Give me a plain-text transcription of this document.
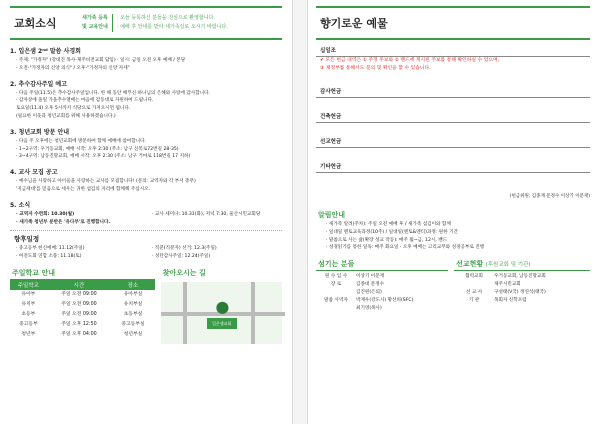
교회소식	새가족 등록
및 교육안내
· 오늘 등록하신 분들을 진심으로 환영합니다.
· 예배 후 안내를 받아 새가족실로 오시기 바랍니다.
1. 입은샘 2ⁿᵈ 말씀 사경회
· 주제: "가정자" (강대진 목사-제주비전교회 담임) · 일시: 금일 오전 오후 예배 / 본당
· 오전-"가정자의 신앙 의식" / 오후-"가정자의 신앙 자세"
2. 추수감사주일 예고
· 다음 주일(11.5)은 추수감사주일입니다. 한 해 동안 베푸신 하나님의 은혜와 사랑에 감사합니다.
· 감자상에 올릴 가을추수열매는 마음에 감동대로 자원하여 드립니다.
토요일(11.4) 오후 5시까지 식당으로 가져오시면 됩니다.
(필요한 이웃과 청년교회를 위해 사용하겠습니다.)
3. 청년교회 방문 안내
· 다음 주 오후에는 청년교회에 방문하여 함께 예배에 참여합니다.
· 1~2구역: 우거동교회, 예배 시작: 오후 2:30 (주소: 남구 신복로72번길 28-35)
· 3~4구역: 남동진망교회, 예배 시작: 오후 2:30 (주소: 남구 거마로 118번길 17 지하)
4. 교사 모집 공고
· 예수님을 사랑하고 아이들을 사랑하는 교사를 모집합니다! (문의: 교역자와 각 부서 총무)
'지금세대'를 믿음으로 세우는 귀한 섬김의 자리에 함께해 주십시오.
5. 소식
· 교역자 수련회: 10.30(월)	· 교사 세미나: 10.31(화), 저녁 7:30, 울산시민교회당
· 새가족 청년부 분반은 '유다부'로 진행합니다.
향후일정
· 중고등부 헌신예배: 11.12(주일)	· 직분(직분자) 선거: 12.3(주일)
· 여전도회 연합 소풍: 11.18(토)	· 성탄감사주일: 12.24(주일)
주일학교 안내
주일학교	시간	장소
유아부	주일 오전 09:00	유아부실
유치부	주일 오전 09:00	유치부실
초등부	주일 오전 09:00	초등부실
중고등부	주일 오후 12:50	중고등부실
청년부	주일 오후 04:00	청년부실
찾아오시는 길
⬤
입은샘교회
향기로운 예물
십일조
✔ 모든 헌금 내역은 ① 주정 주보와 ② 밴드에 게시된 주보를 통해 확인하실 수 있으며,
③ 제정부를 통해서도 문의 및 확인을 할 수 있습니다.
감사헌금
건축헌금
선교헌금
기타헌금
(헌금위원: 김종재 문정수 이상기 이문재)
알림안내
· 새가족 알려(주차): 주일 오전 예배 후 / 새가족 섬김이와 함께
· 일대일 멘토교육과정(10주) / 일대일(멘토&멘티)과정: 원한 기간
· 말씀으로 사는 삶(확장 성교 작동): 매주 월~금, 12시, 밴드
· 성경읽기를 통한 일독: 매주 화요일 · 오후 예배는 고리교무와 성경공부로 진행
섬기는 분들
원 수 입 사	이상기 이문재
장 로	김종대 문정수
김진원(은퇴)
말씀 사역자	박재우(강도사) 황선희(SFC)
최기영(목사)
선교현황 (후원교회 및 기관)
협력교회	우거동교회, 남동진망교회
제주시민교회
선 교 사	구성태(V국) 정연석(태국)
기 관	목회자 신학포럼
